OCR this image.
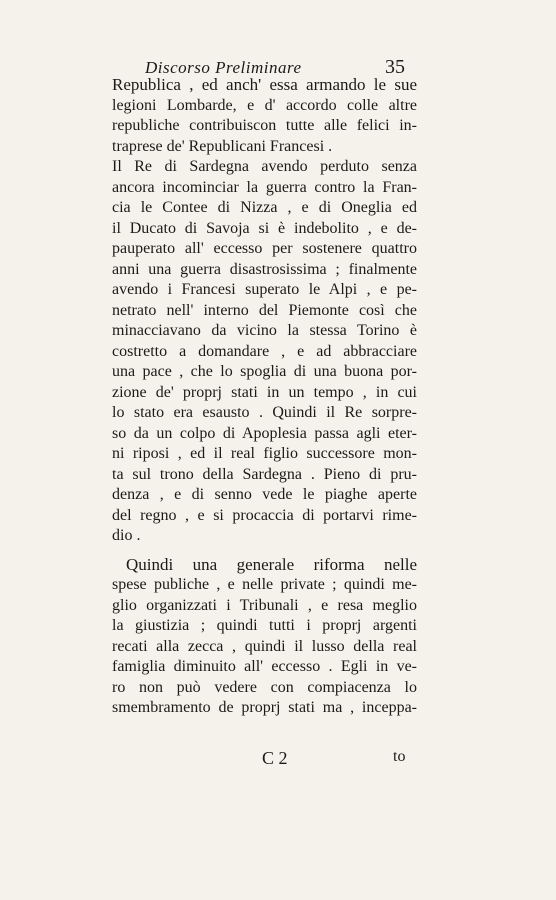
Discorso Preliminare	35
Republica , ed anch' essa armando le sue
legioni Lombarde, e d' accordo colle altre
republiche contribuiscon tutte alle felici in-
traprese de' Republicani Francesi .
Il Re di Sardegna avendo perduto senza
ancora incominciar la guerra contro la Fran-
cia le Contee di Nizza , e di Oneglia ed
il Ducato di Savoja si è indebolito , e de-
pauperato all' eccesso per sostenere quattro
anni una guerra disastrosissima ; finalmente
avendo i Francesi superato le Alpi , e pe-
netrato nell' interno del Piemonte così che
minacciavano da vicino la stessa Torino è
costretto a domandare , e ad abbracciare
una pace , che lo spoglia di una buona por-
zione de' proprj stati in un tempo , in cui
lo stato era esausto . Quindi il Re sorpre-
so da un colpo di Apoplesia passa agli eter-
ni riposi , ed il real figlio successore mon-
ta sul trono della Sardegna . Pieno di pru-
denza , e di senno vede le piaghe aperte
del regno , e si procaccia di portarvi rime-
dio .
Quindi una generale riforma nelle
spese publiche , e nelle private ; quindi me-
glio organizzati i Tribunali , e resa meglio
la giustizia ; quindi tutti i proprj argenti
recati alla zecca , quindi il lusso della real
famiglia diminuito all' eccesso . Egli in ve-
ro non può vedere con compiacenza lo
smembramento de proprj stati ma , inceppa-
C 2	to
